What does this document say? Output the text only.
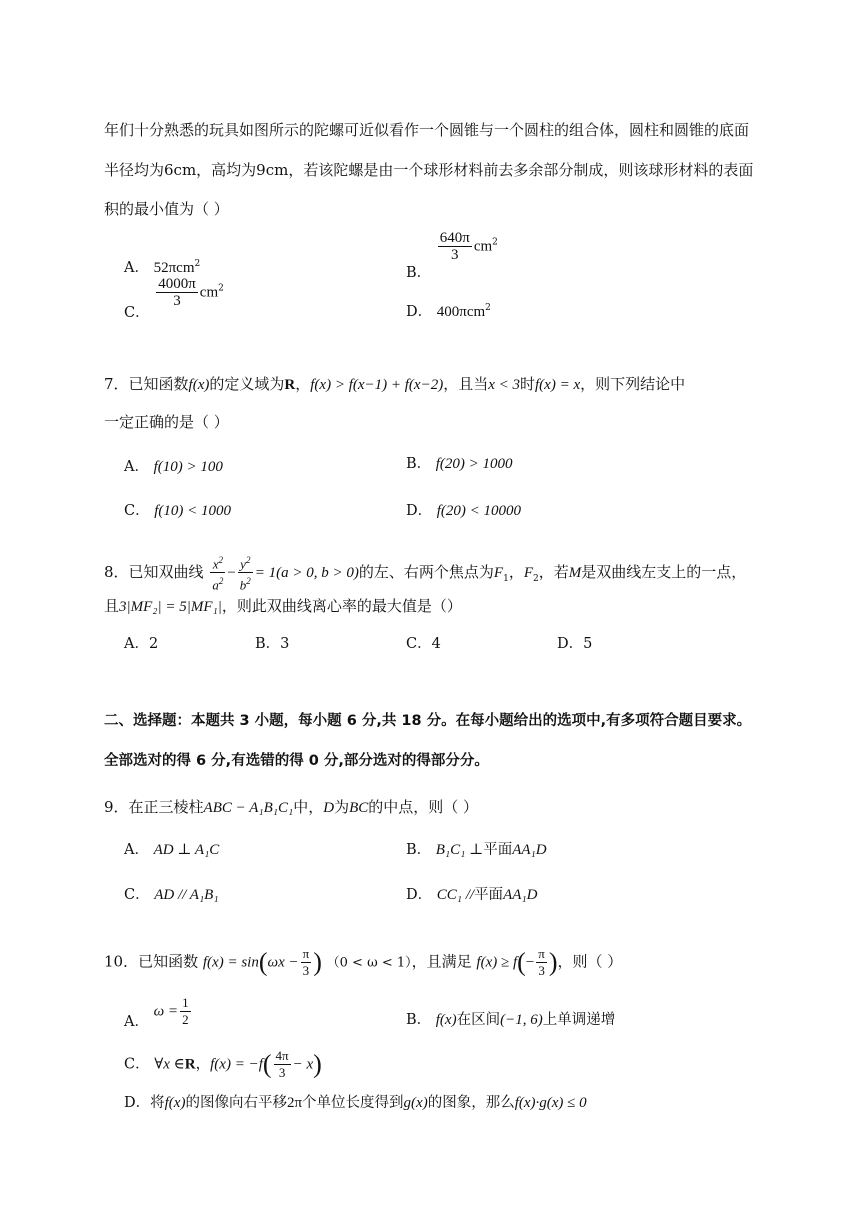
年们十分熟悉的玩具如图所示的陀螺可近似看作一个圆锥与一个圆柱的组合体，圆柱和圆锥的底面
半径均为6cm，高均为9cm，若该陀螺是由一个球形材料前去多余部分制成，则该球形材料的表面
积的最小值为（ ）
A． 52πcm$^2$
B．
$\frac{640\pi}{3} cm^2$
C．
$\frac{4000\pi}{3} cm^2$
D． 400πcm$^2$
7．已知函数f(x)的定义域为R，f(x) > f(x−1) + f(x−2)，且当x < 3时f(x) = x，则下列结论中
一定正确的是（ ）
A． f(10) > 100	B． f(20) > 1000
C． f(10) < 1000	D． f(20) < 10000
8．已知双曲线 $\frac{x^2}{a^2} - \frac{y^2}{b^2} = 1(a > 0$, b > 0)的左、右两个焦点为$F_1$，$F_2$，若M是双曲线左支上的一点，
且3|MF₂| = 5|MF₁|，则此双曲线离心率的最大值是（）
A．2	B．3	C．4	D．5
二、选择题：本题共 3 小题，每小题 6 分,共 18 分。在每小题给出的选项中,有多项符合题目要求。
全部选对的得 6 分,有选错的得 0 分,部分选对的得部分分。
9．在正三棱柱ABC − A₁B₁C₁中，D为BC的中点，则（ ）
A． AD ⊥ A₁C	B． B₁C₁ ⊥平面AA₁D
C． AD // A₁B₁	D． CC₁ //平面AA₁D
10．已知函数 $f(x) = \sin(\omega x - \frac{\pi}{3}$ ) （0 < ω < 1），且满足 $f(x) \ge f(- \frac{\pi}{3}$ )，则（ ）
A． $\omega = \frac{1}{2}$	B． f(x)在区间(−1, 6)上单调递增
C． ∀x ∈R，$f(x) = -f( \frac{4\pi}{3} - x)$
D．将f(x)的图像向右平移2π个单位长度得到g(x)的图象，那么f(x)·g(x) ≤ 0
